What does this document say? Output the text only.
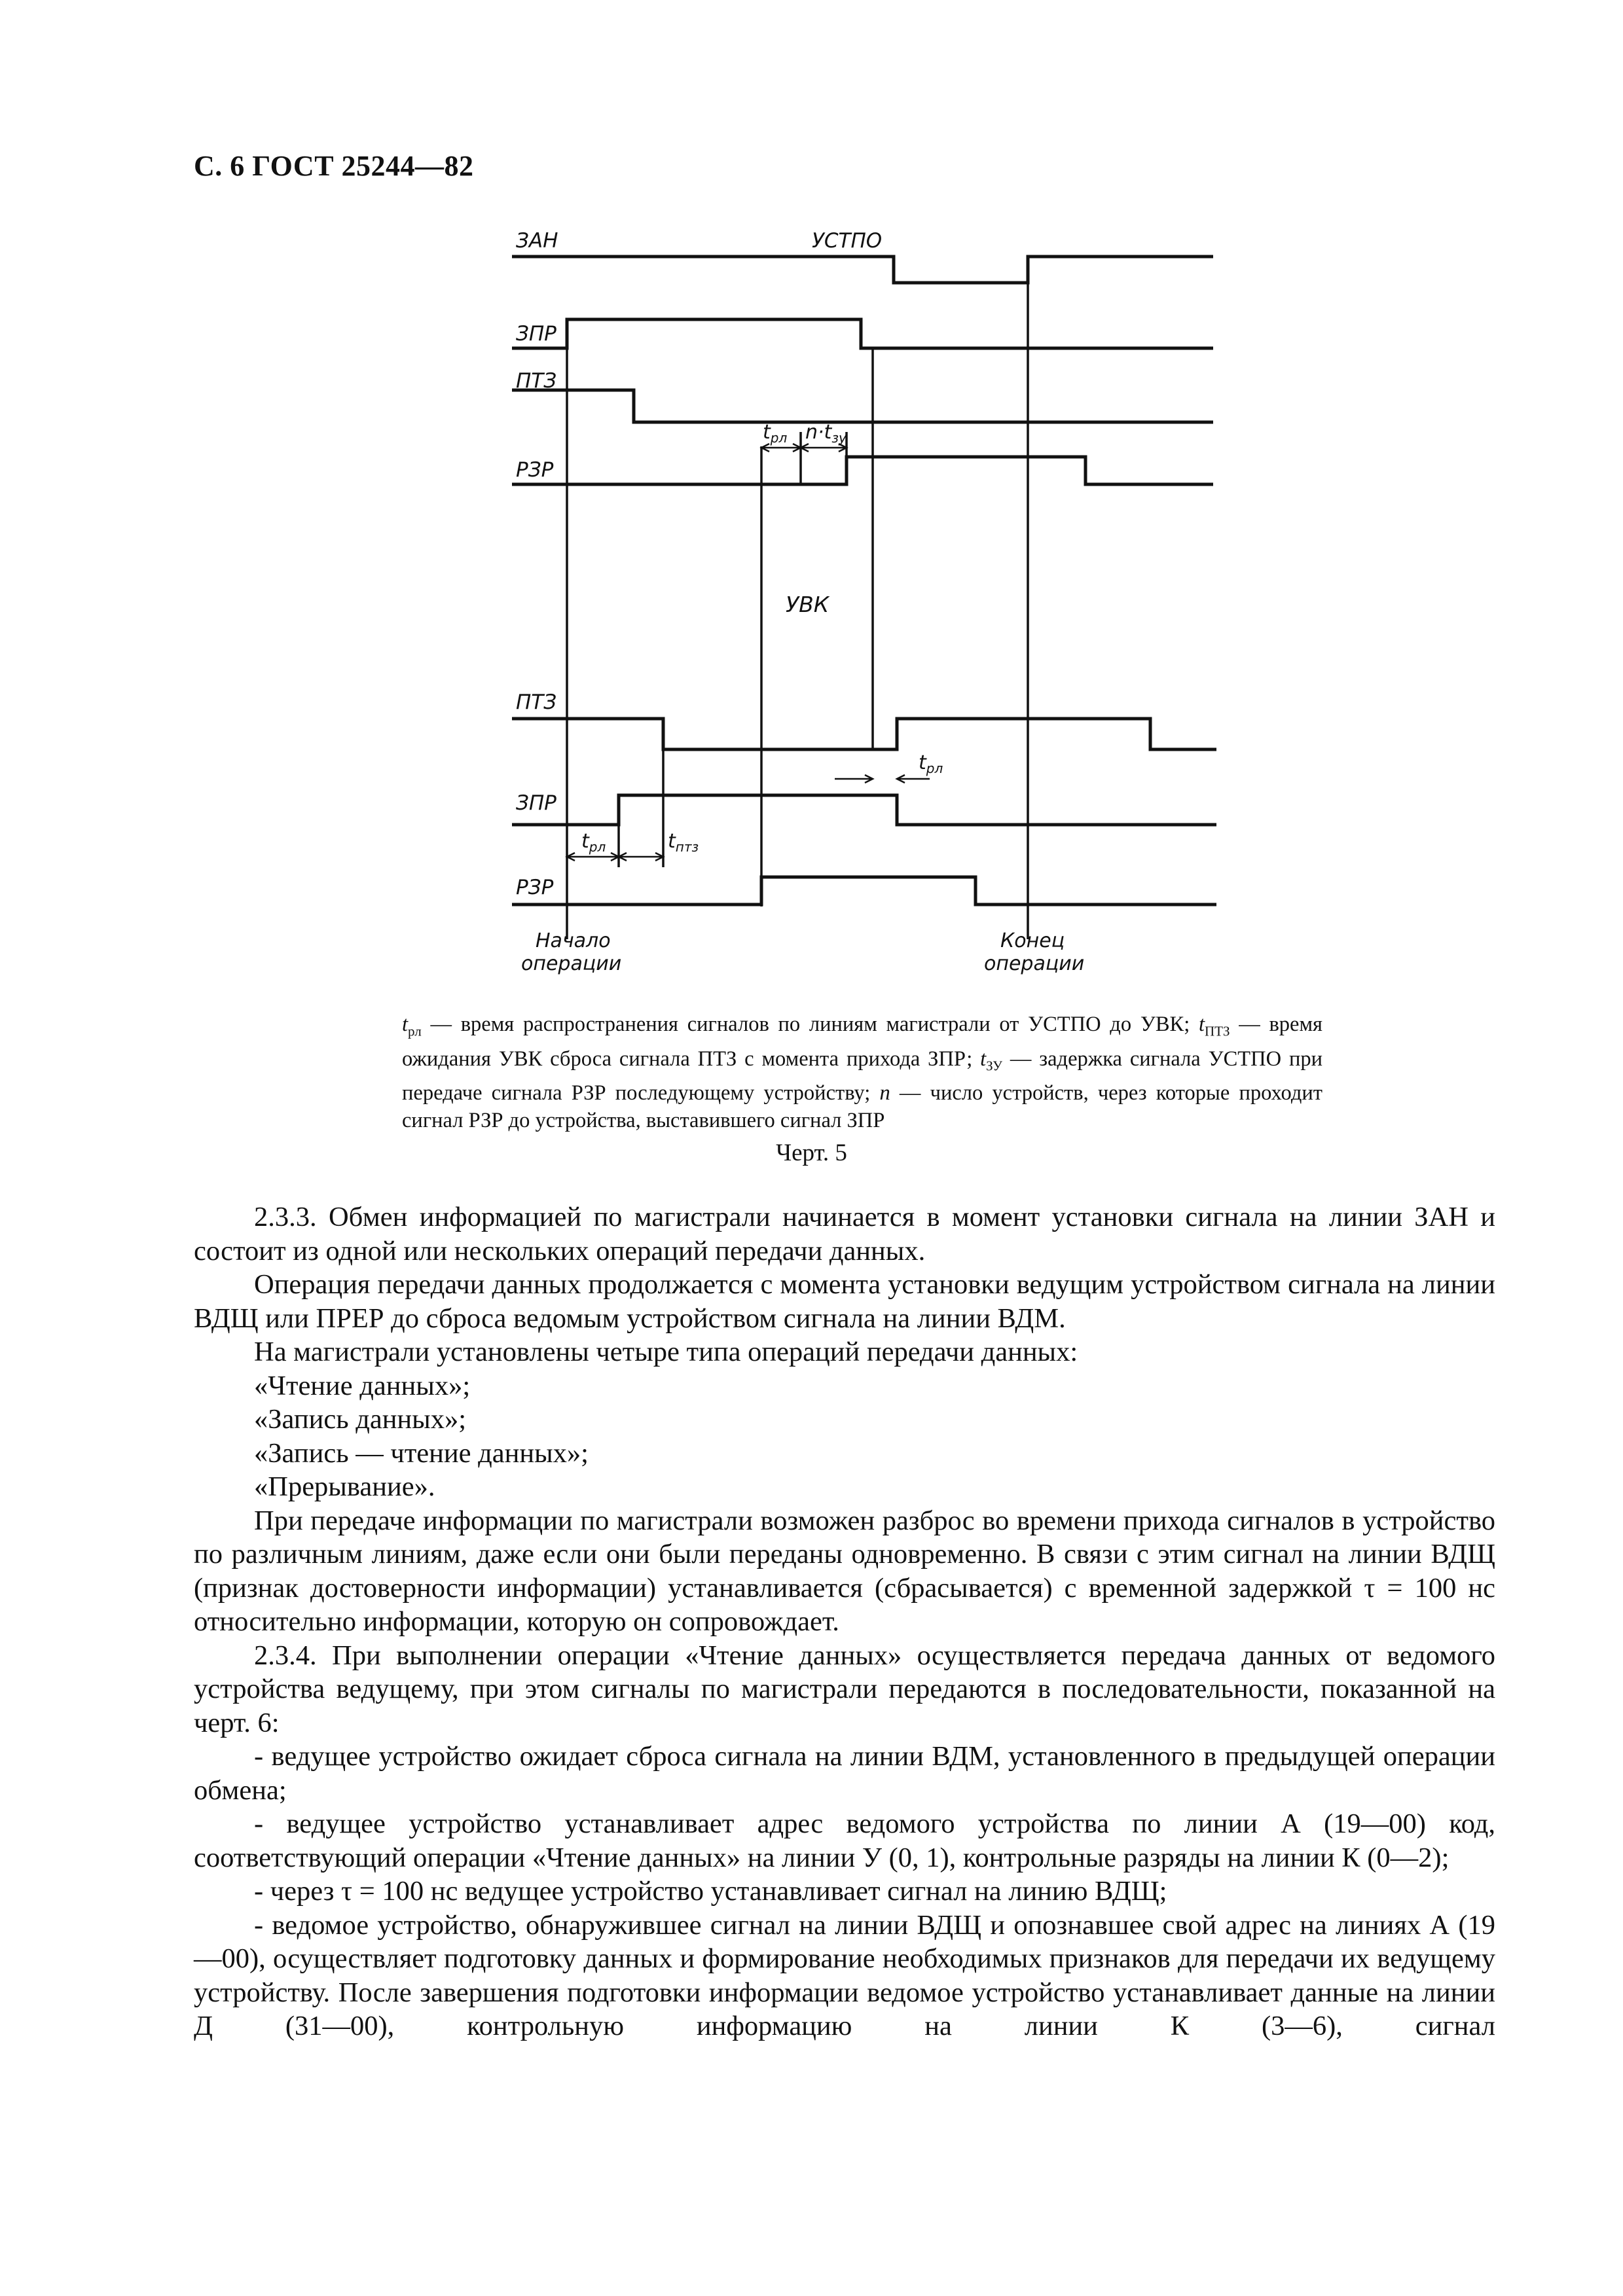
С. 6 ГОСТ 25244—82
ЗАН	УСТПО
ЗПР
ПТЗ
РЗР
УВК
ПТЗ
ЗПР
РЗР
$t_{рл}$ $n\cdot t_{зу}$
$t_{рл}$
$t_{рл}$	$t_{птз}$
Начало
операции
Конец
операции
$t_{рл}$ — время распространения сигналов по линиям магистрали от УСТПО до УВК; $t_{ПТЗ}$ — время ожидания УВК сброса сигнала ПТЗ с момента прихода ЗПР; $t_{ЗУ}$ — задержка сигнала УСТПО при передаче сигнала РЗР последующему устройству; n — число устройств, через которые проходит сигнал РЗР до устройства, выставившего сигнал ЗПР
Черт. 5

2.3.3. Обмен информацией по магистрали начинается в момент установки сигнала на линии ЗАН и состоит из одной или нескольких операций передачи данных.

Операция передачи данных продолжается с момента установки ведущим устройством сигнала на линии ВДЩ или ПРЕР до сброса ведомым устройством сигнала на линии ВДМ.

На магистрали установлены четыре типа операций передачи данных:

«Чтение данных»;

«Запись данных»;

«Запись — чтение данных»;

«Прерывание».

При передаче информации по магистрали возможен разброс во времени прихода сигналов в устройство по различным линиям, даже если они были переданы одновременно. В связи с этим сигнал на линии ВДЩ (признак достоверности информации) устанавливается (сбрасывается) с временной задержкой τ = 100 нс относительно информации, которую он сопровождает.

2.3.4. При выполнении операции «Чтение данных» осуществляется передача данных от ведомого устройства ведущему, при этом сигналы по магистрали передаются в последовательности, показанной на черт. 6:

- ведущее устройство ожидает сброса сигнала на линии ВДМ, установленного в предыдущей операции обмена;

- ведущее устройство устанавливает адрес ведомого устройства по линии А (19—00) код, соответствующий операции «Чтение данных» на линии У (0, 1), контрольные разряды на линии К (0—2);

- через τ = 100 нс ведущее устройство устанавливает сигнал на линию ВДЩ;

- ведомое устройство, обнаружившее сигнал на линии ВДЩ и опознавшее свой адрес на линиях А (19—00), осуществляет подготовку данных и формирование необходимых признаков для передачи их ведущему устройству. После завершения подготовки информации ведомое устройство устанавливает данные на линии Д (31—00), контрольную информацию на линии К (3—6), сигнал
